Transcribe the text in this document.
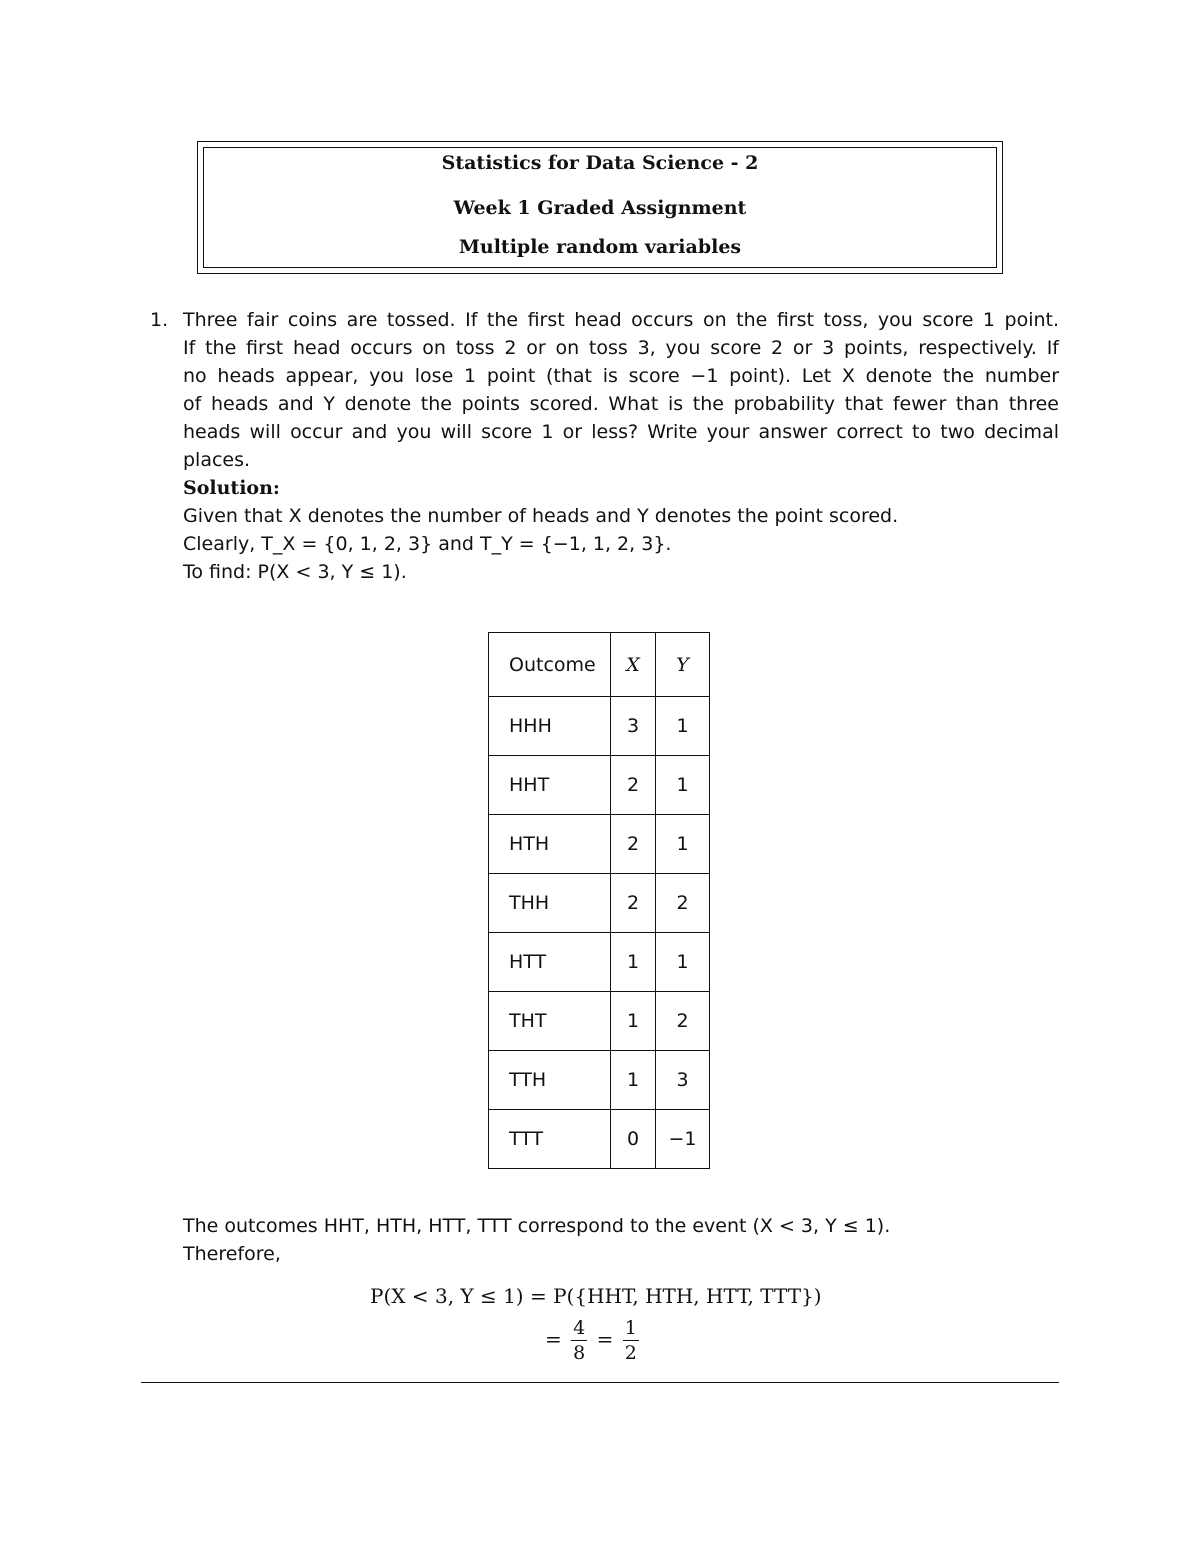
Statistics for Data Science - 2
Week 1 Graded Assignment
Multiple random variables
1. Three fair coins are tossed. If the first head occurs on the first toss, you score 1 point.
If the first head occurs on toss 2 or on toss 3, you score 2 or 3 points, respectively. If
no heads appear, you lose 1 point (that is score −1 point). Let X denote the number
of heads and Y denote the points scored. What is the probability that fewer than three
heads will occur and you will score 1 or less? Write your answer correct to two decimal
places.
Solution:
Given that X denotes the number of heads and Y denotes the point scored.
Clearly, T_X = {0, 1, 2, 3} and T_Y = {−1, 1, 2, 3}.
To find: P(X < 3, Y ≤ 1).
Outcome	X	Y
HHH	3	1
HHT	2	1
HTH	2	1
THH	2	2
HTT	1	1
THT	1	2
TTH	1	3
TTT	0	−1
The outcomes HHT, HTH, HTT, TTT correspond to the event (X < 3, Y ≤ 1).
Therefore,
P(X < 3, Y ≤ 1) = P({HHT, HTH, HTT, TTT})
= $\frac{4}{8} = \frac{1}{2}$
